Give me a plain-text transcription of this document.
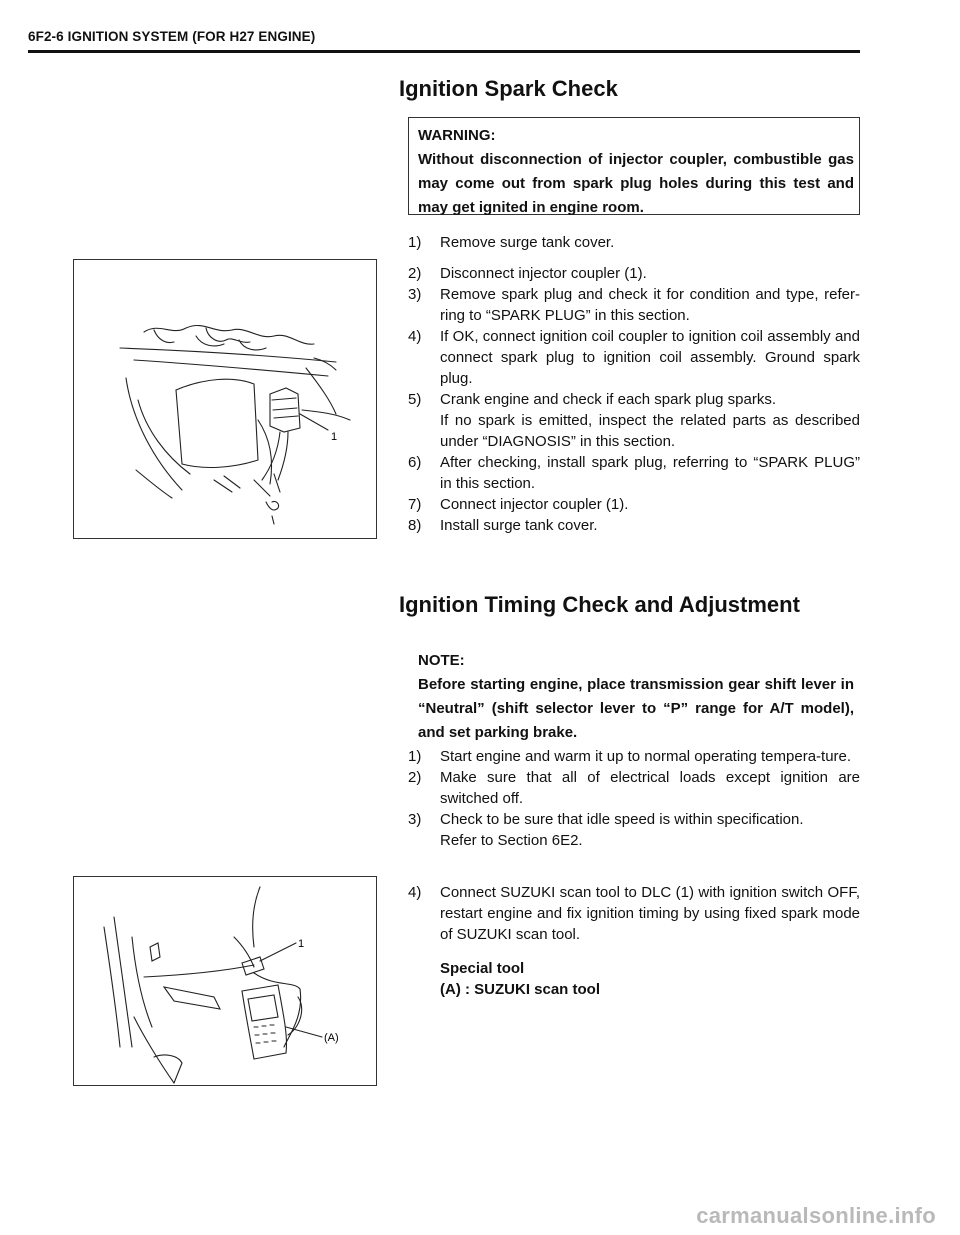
6F2-6 IGNITION SYSTEM (FOR H27 ENGINE)
Ignition Spark Check
WARNING:
Without disconnection of injector coupler, combustible gas may come out from spark plug holes during this test and may get ignited in engine room.
1) Remove surge tank cover.
2) Disconnect injector coupler (1).
3) Remove spark plug and check it for condition and type, refer-ring to “SPARK PLUG” in this section.
4) If OK, connect ignition coil coupler to ignition coil assembly and connect spark plug to ignition coil assembly. Ground spark plug.
5) Crank engine and check if each spark plug sparks.
If no spark is emitted, inspect the related parts as described under “DIAGNOSIS” in this section.
6) After checking, install spark plug, referring to “SPARK PLUG” in this section.
7) Connect injector coupler (1).
8) Install surge tank cover.
1
Ignition Timing Check and Adjustment
NOTE:
Before starting engine, place transmission gear shift lever in “Neutral” (shift selector lever to “P” range for A/T model), and set parking brake.
1) Start engine and warm it up to normal operating tempera-ture.
2) Make sure that all of electrical loads except ignition are switched off.
3) Check to be sure that idle speed is within specification.
Refer to Section 6E2.
4) Connect SUZUKI scan tool to DLC (1) with ignition switch OFF, restart engine and fix ignition timing by using fixed spark mode of SUZUKI scan tool.
Special tool
(A) : SUZUKI scan tool
1
(A)
carmanualsonline.info
